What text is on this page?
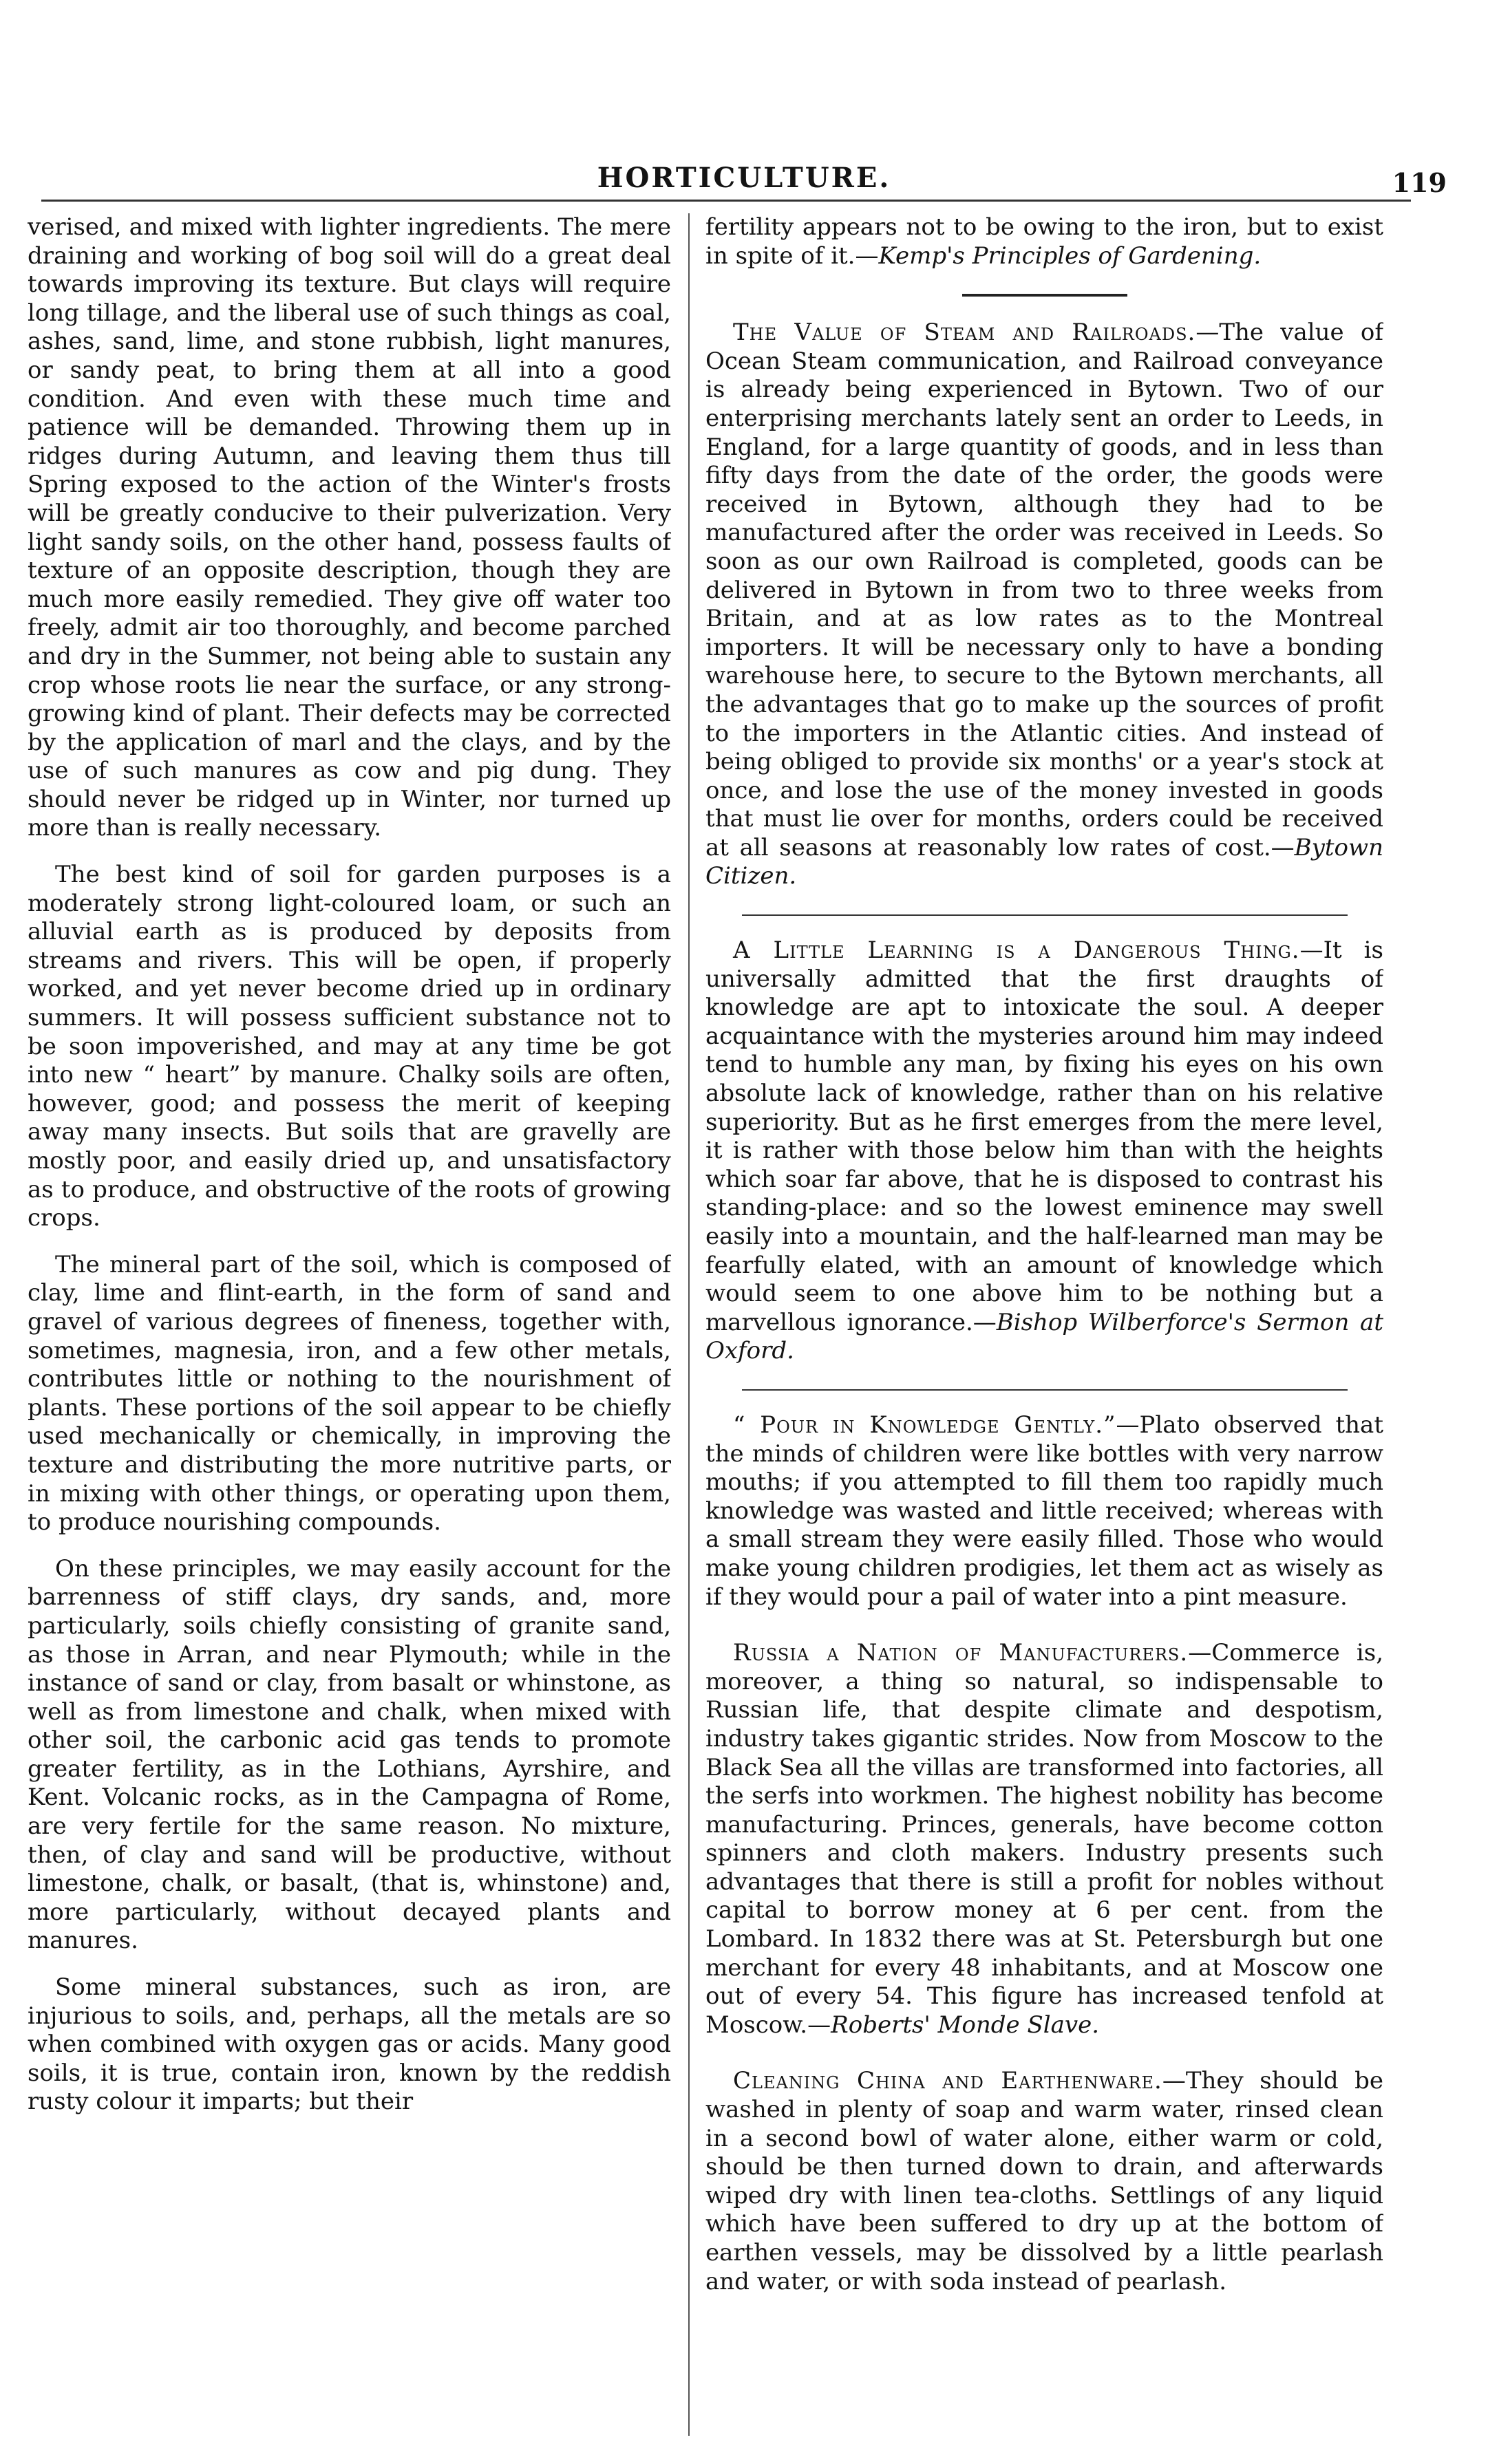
HORTICULTURE.	119

verised, and mixed with lighter ingredients. The mere draining and working of bog soil will do a great deal towards improving its texture. But clays will require long tillage, and the liberal use of such things as coal, ashes, sand, lime, and stone rubbish, light manures, or sandy peat, to bring them at all into a good condition. And even with these much time and patience will be demanded. Throwing them up in ridges during Autumn, and leaving them thus till Spring exposed to the action of the Winter's frosts will be greatly conducive to their pulverization. Very light sandy soils, on the other hand, possess faults of texture of an opposite description, though they are much more easily remedied. They give off water too freely, admit air too thoroughly, and become parched and dry in the Summer, not being able to sustain any crop whose roots lie near the surface, or any strong-growing kind of plant. Their defects may be corrected by the application of marl and the clays, and by the use of such manures as cow and pig dung. They should never be ridged up in Winter, nor turned up more than is really necessary.

The best kind of soil for garden purposes is a moderately strong light-coloured loam, or such an alluvial earth as is produced by deposits from streams and rivers. This will be open, if properly worked, and yet never become dried up in ordinary summers. It will possess sufficient substance not to be soon impoverished, and may at any time be got into new “ heart” by manure. Chalky soils are often, however, good; and possess the merit of keeping away many insects. But soils that are gravelly are mostly poor, and easily dried up, and unsatisfactory as to produce, and obstructive of the roots of growing crops.

The mineral part of the soil, which is composed of clay, lime and flint-earth, in the form of sand and gravel of various degrees of fineness, together with, sometimes, magnesia, iron, and a few other metals, contributes little or nothing to the nourishment of plants. These portions of the soil appear to be chiefly used mechanically or chemically, in improving the texture and distributing the more nutritive parts, or in mixing with other things, or operating upon them, to produce nourishing compounds.

On these principles, we may easily account for the barrenness of stiff clays, dry sands, and, more particularly, soils chiefly consisting of granite sand, as those in Arran, and near Plymouth; while in the instance of sand or clay, from basalt or whinstone, as well as from limestone and chalk, when mixed with other soil, the carbonic acid gas tends to promote greater fertility, as in the Lothians, Ayrshire, and Kent. Volcanic rocks, as in the Campagna of Rome, are very fertile for the same reason. No mixture, then, of clay and sand will be productive, without limestone, chalk, or basalt, (that is, whinstone) and, more particularly, without decayed plants and manures.

Some mineral substances, such as iron, are injurious to soils, and, perhaps, all the metals are so when combined with oxygen gas or acids. Many good soils, it is true, contain iron, known by the reddish rusty colour it imparts; but their

fertility appears not to be owing to the iron, but to exist in spite of it.—Kemp's Principles of Gardening.

The Value of Steam and Railroads.—The value of Ocean Steam communication, and Railroad conveyance is already being experienced in Bytown. Two of our enterprising merchants lately sent an order to Leeds, in England, for a large quantity of goods, and in less than fifty days from the date of the order, the goods were received in Bytown, although they had to be manufactured after the order was received in Leeds. So soon as our own Railroad is completed, goods can be delivered in Bytown in from two to three weeks from Britain, and at as low rates as to the Montreal importers. It will be necessary only to have a bonding warehouse here, to secure to the Bytown merchants, all the advantages that go to make up the sources of profit to the importers in the Atlantic cities. And instead of being obliged to provide six months' or a year's stock at once, and lose the use of the money invested in goods that must lie over for months, orders could be received at all seasons at reasonably low rates of cost.—Bytown Citizen.

A Little Learning is a Dangerous Thing.—It is universally admitted that the first draughts of knowledge are apt to intoxicate the soul. A deeper acquaintance with the mysteries around him may indeed tend to humble any man, by fixing his eyes on his own absolute lack of knowledge, rather than on his relative superiority. But as he first emerges from the mere level, it is rather with those below him than with the heights which soar far above, that he is disposed to contrast his standing-place: and so the lowest eminence may swell easily into a mountain, and the half-learned man may be fearfully elated, with an amount of knowledge which would seem to one above him to be nothing but a marvellous ignorance.—Bishop Wilberforce's Sermon at Oxford.

“ Pour in Knowledge Gently.”—Plato observed that the minds of children were like bottles with very narrow mouths; if you attempted to fill them too rapidly much knowledge was wasted and little received; whereas with a small stream they were easily filled. Those who would make young children prodigies, let them act as wisely as if they would pour a pail of water into a pint measure.

Russia a Nation of Manufacturers.—Commerce is, moreover, a thing so natural, so indispensable to Russian life, that despite climate and despotism, industry takes gigantic strides. Now from Moscow to the Black Sea all the villas are transformed into factories, all the serfs into workmen. The highest nobility has become manufacturing. Princes, generals, have become cotton spinners and cloth makers. Industry presents such advantages that there is still a profit for nobles without capital to borrow money at 6 per cent. from the Lombard. In 1832 there was at St. Petersburgh but one merchant for every 48 inhabitants, and at Moscow one out of every 54. This figure has increased tenfold at Moscow.—Roberts' Monde Slave.

Cleaning China and Earthenware.—They should be washed in plenty of soap and warm water, rinsed clean in a second bowl of water alone, either warm or cold, should be then turned down to drain, and afterwards wiped dry with linen tea-cloths. Settlings of any liquid which have been suffered to dry up at the bottom of earthen vessels, may be dissolved by a little pearlash and water, or with soda instead of pearlash.
